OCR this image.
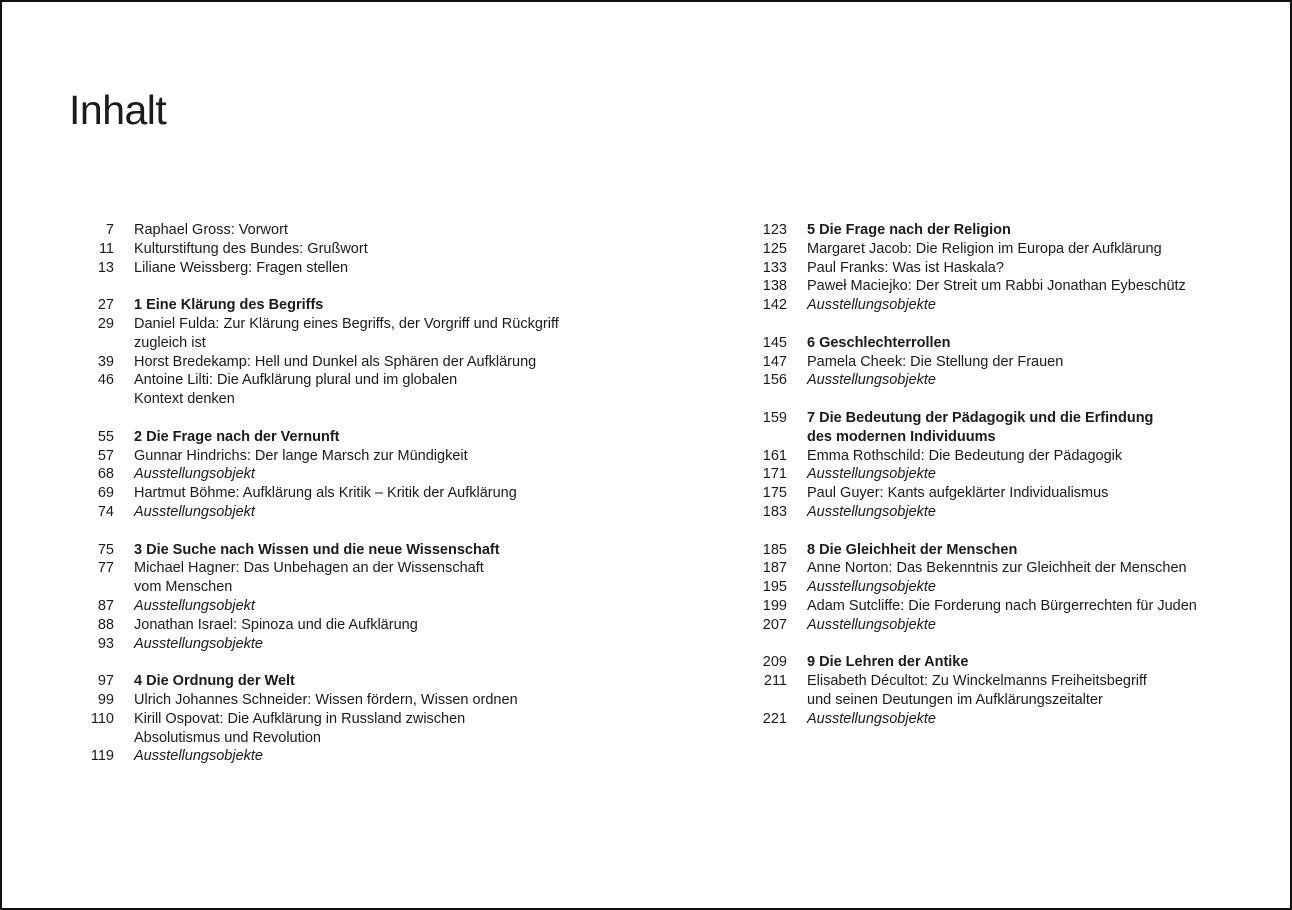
Inhalt
7 Raphael Gross: Vorwort
11 Kulturstiftung des Bundes: Grußwort
13 Liliane Weissberg: Fragen stellen
27 1 Eine Klärung des Begriffs
29 Daniel Fulda: Zur Klärung eines Begriffs, der Vorgriff und Rückgriff
zugleich ist
39 Horst Bredekamp: Hell und Dunkel als Sphären der Aufklärung
46 Antoine Lilti: Die Aufklärung plural und im globalen
Kontext denken
55 2 Die Frage nach der Vernunft
57 Gunnar Hindrichs: Der lange Marsch zur Mündigkeit
68 Ausstellungsobjekt
69 Hartmut Böhme: Aufklärung als Kritik – Kritik der Aufklärung
74 Ausstellungsobjekt
75 3 Die Suche nach Wissen und die neue Wissenschaft
77 Michael Hagner: Das Unbehagen an der Wissenschaft
vom Menschen
87 Ausstellungsobjekt
88 Jonathan Israel: Spinoza und die Aufklärung
93 Ausstellungsobjekte
97 4 Die Ordnung der Welt
99 Ulrich Johannes Schneider: Wissen fördern, Wissen ordnen
110 Kirill Ospovat: Die Aufklärung in Russland zwischen
Absolutismus und Revolution
119 Ausstellungsobjekte
123 5 Die Frage nach der Religion
125 Margaret Jacob: Die Religion im Europa der Aufklärung
133 Paul Franks: Was ist Haskala?
138 Paweł Maciejko: Der Streit um Rabbi Jonathan Eybeschütz
142 Ausstellungsobjekte
145 6 Geschlechterrollen
147 Pamela Cheek: Die Stellung der Frauen
156 Ausstellungsobjekte
159 7 Die Bedeutung der Pädagogik und die Erfindung
des modernen Individuums
161 Emma Rothschild: Die Bedeutung der Pädagogik
171 Ausstellungsobjekte
175 Paul Guyer: Kants aufgeklärter Individualismus
183 Ausstellungsobjekte
185 8 Die Gleichheit der Menschen
187 Anne Norton: Das Bekenntnis zur Gleichheit der Menschen
195 Ausstellungsobjekte
199 Adam Sutcliffe: Die Forderung nach Bürgerrechten für Juden
207 Ausstellungsobjekte
209 9 Die Lehren der Antike
211 Elisabeth Décultot: Zu Winckelmanns Freiheitsbegriff
und seinen Deutungen im Aufklärungszeitalter
221 Ausstellungsobjekte
